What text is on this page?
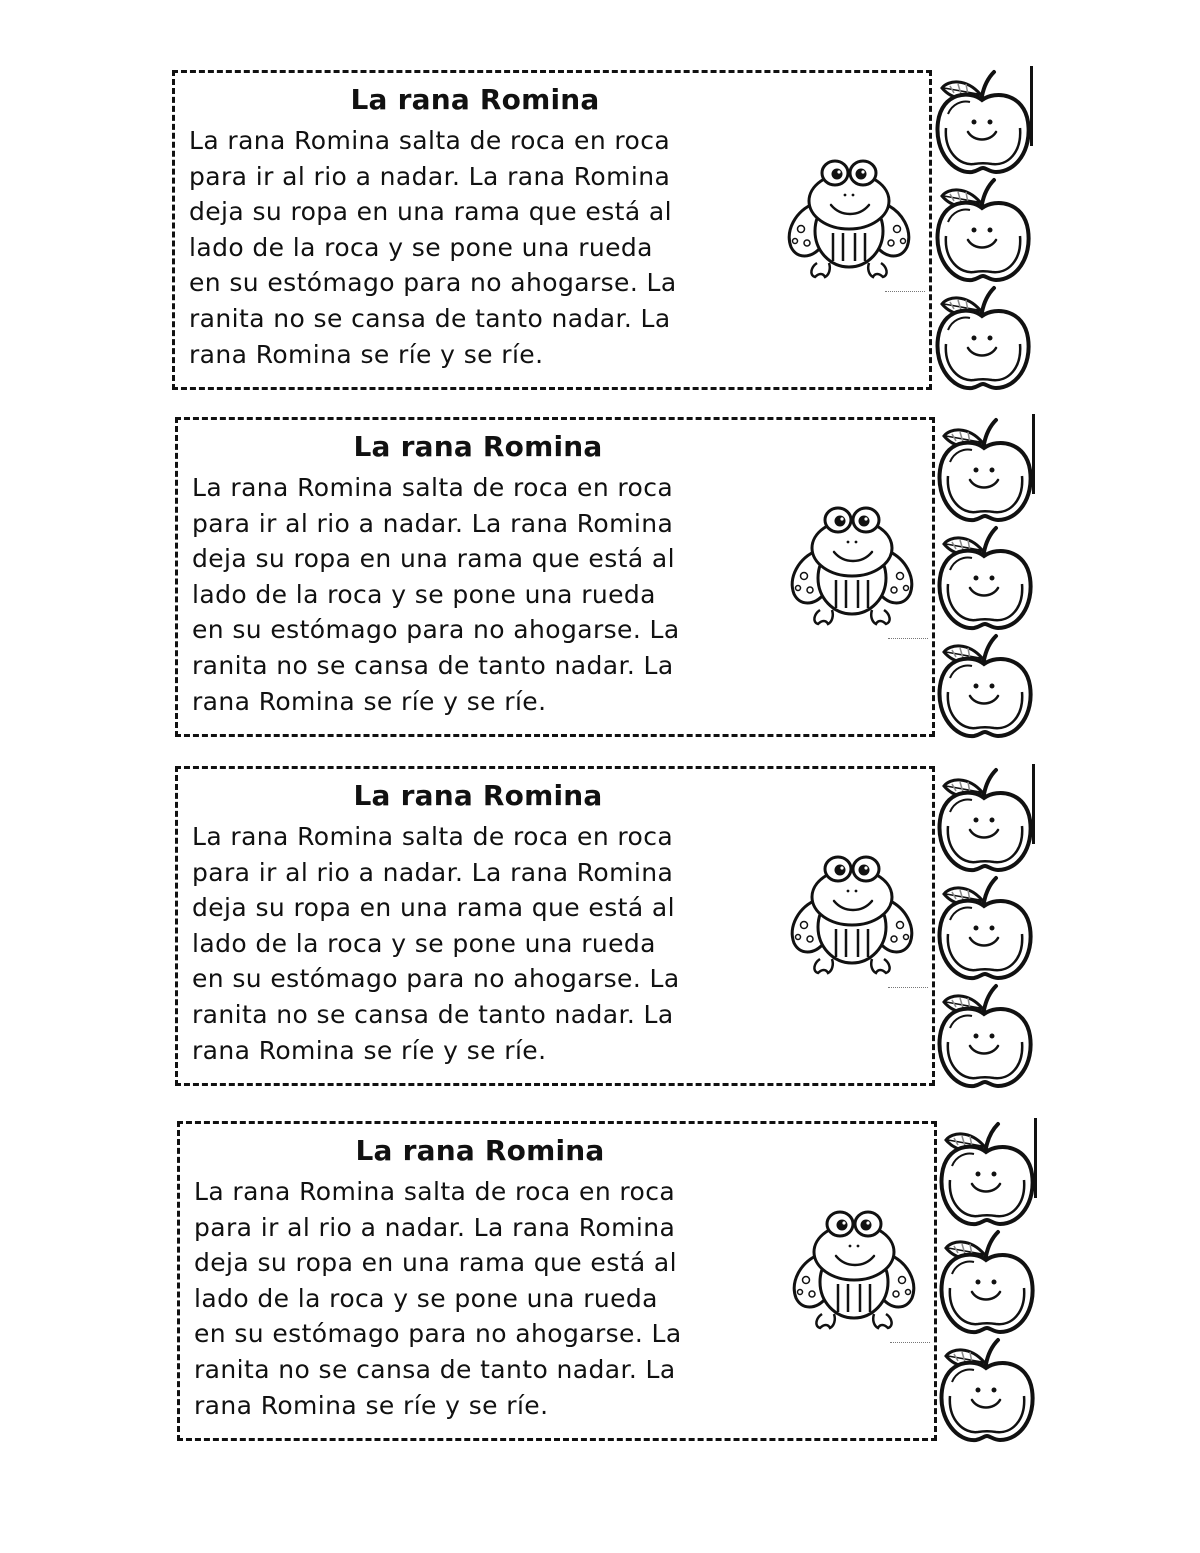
La rana Romina
La rana Romina salta de roca en roca
para ir al rio a nadar. La rana Romina
deja su ropa en una rama que está al
lado de la roca y se pone una rueda
en su estómago para no ahogarse. La
ranita no se cansa de tanto nadar. La
rana Romina se ríe y se ríe.
La rana Romina
La rana Romina salta de roca en roca
para ir al rio a nadar. La rana Romina
deja su ropa en una rama que está al
lado de la roca y se pone una rueda
en su estómago para no ahogarse. La
ranita no se cansa de tanto nadar. La
rana Romina se ríe y se ríe.
La rana Romina
La rana Romina salta de roca en roca
para ir al rio a nadar. La rana Romina
deja su ropa en una rama que está al
lado de la roca y se pone una rueda
en su estómago para no ahogarse. La
ranita no se cansa de tanto nadar. La
rana Romina se ríe y se ríe.
La rana Romina
La rana Romina salta de roca en roca
para ir al rio a nadar. La rana Romina
deja su ropa en una rama que está al
lado de la roca y se pone una rueda
en su estómago para no ahogarse. La
ranita no se cansa de tanto nadar. La
rana Romina se ríe y se ríe.
